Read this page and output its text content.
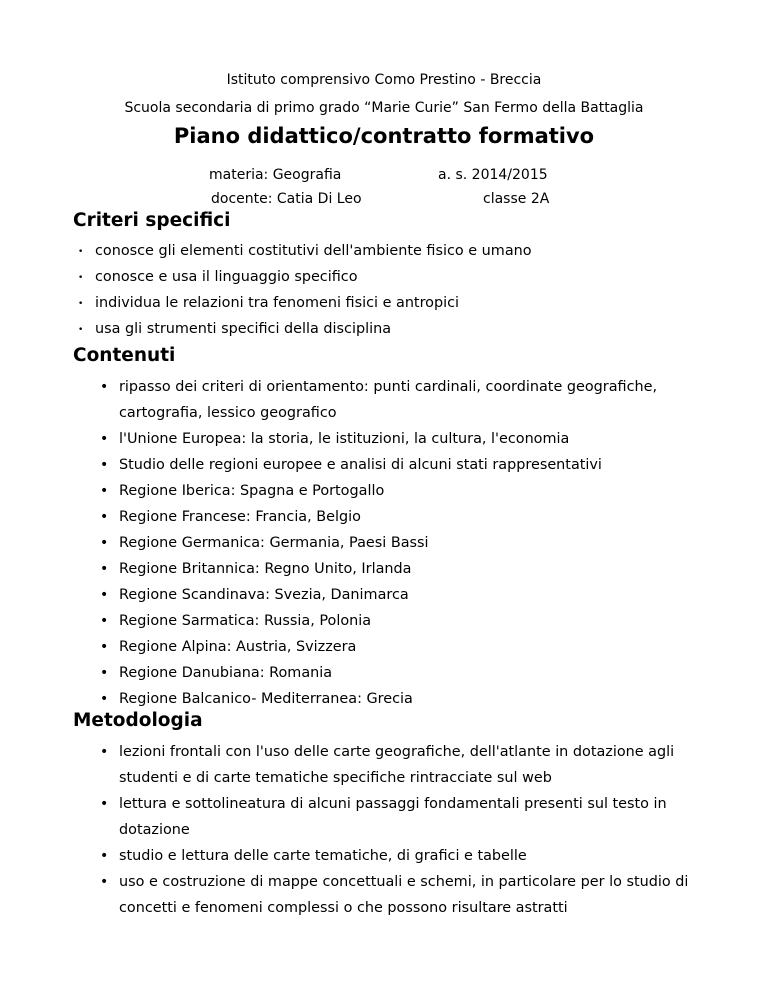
Istituto comprensivo Como Prestino - Breccia
Scuola secondaria di primo grado “Marie Curie” San Fermo della Battaglia
Piano didattico/contratto formativo
materia: Geografia	a. s. 2014/2015
docente: Catia Di Leo	classe 2A
Criteri specifici
• conosce gli elementi costitutivi dell'ambiente fisico e umano
• conosce e usa il linguaggio specifico
• individua le relazioni tra fenomeni fisici e antropici
• usa gli strumenti specifici della disciplina
Contenuti
• ripasso dei criteri di orientamento: punti cardinali, coordinate geografiche, cartografia, lessico geografico
• l'Unione Europea: la storia, le istituzioni, la cultura, l'economia
• Studio delle regioni europee e analisi di alcuni stati rappresentativi
• Regione Iberica: Spagna e Portogallo
• Regione Francese: Francia, Belgio
• Regione Germanica: Germania, Paesi Bassi
• Regione Britannica: Regno Unito, Irlanda
• Regione Scandinava: Svezia, Danimarca
• Regione Sarmatica: Russia, Polonia
• Regione Alpina: Austria, Svizzera
• Regione Danubiana: Romania
• Regione Balcanico- Mediterranea: Grecia
Metodologia
• lezioni frontali con l'uso delle carte geografiche, dell'atlante in dotazione agli studenti e di carte tematiche specifiche rintracciate sul web
• lettura e sottolineatura di alcuni passaggi fondamentali presenti sul testo in dotazione
• studio e lettura delle carte tematiche, di grafici e tabelle
• uso e costruzione di mappe concettuali e schemi, in particolare per lo studio di concetti e fenomeni complessi o che possono risultare astratti
